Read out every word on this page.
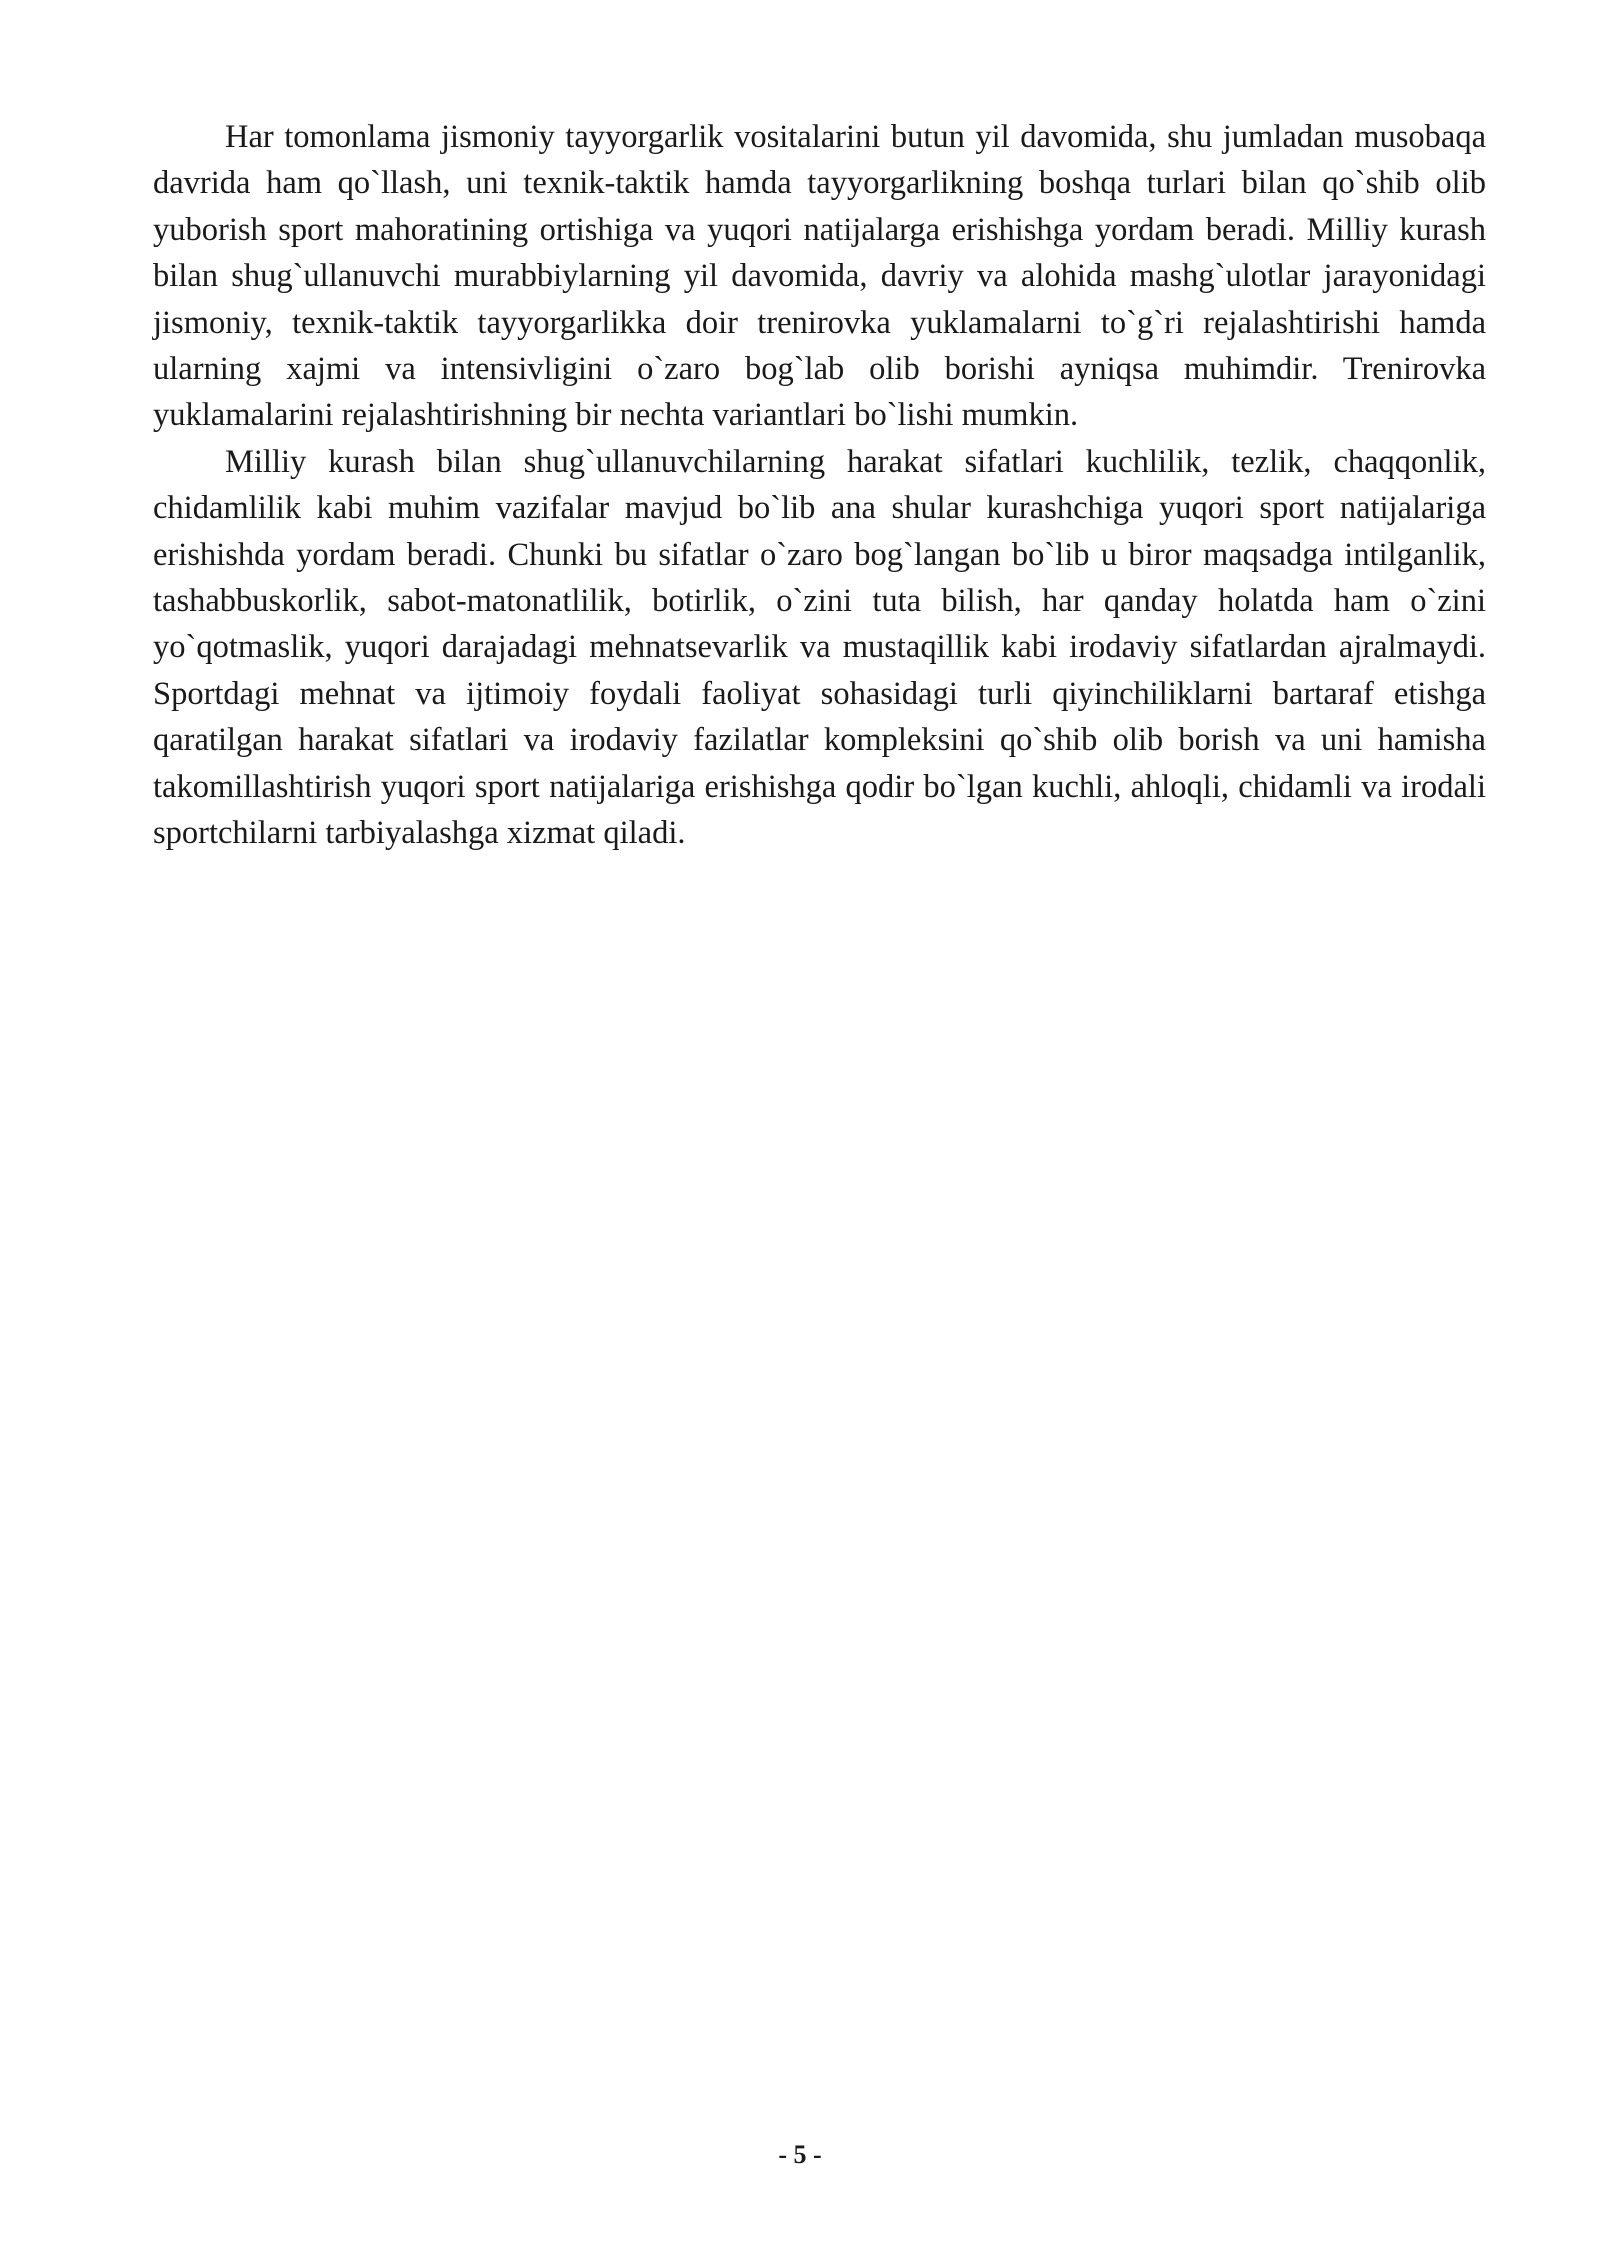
Har tomonlama jismoniy tayyorgarlik vositalarini butun yil davomida, shu jumladan musobaqa davrida ham qo`llash, uni texnik-taktik hamda tayyorgarlikning boshqa turlari bilan qo`shib olib yuborish sport mahoratining ortishiga va yuqori natijalarga erishishga yordam beradi. Milliy kurash bilan shug`ullanuvchi murabbiylarning yil davomida, davriy va alohida mashg`ulotlar jarayonidagi jismoniy, texnik-taktik tayyorgarlikka doir trenirovka yuklamalarni to`g`ri rejalashtirishi hamda ularning xajmi va intensivligini o`zaro bog`lab olib borishi ayniqsa muhimdir. Trenirovka yuklamalarini rejalashtirishning bir nechta variantlari bo`lishi mumkin.

Milliy kurash bilan shug`ullanuvchilarning harakat sifatlari kuchlilik, tezlik, chaqqonlik, chidamlilik kabi muhim vazifalar mavjud bo`lib ana shular kurashchiga yuqori sport natijalariga erishishda yordam beradi. Chunki bu sifatlar o`zaro bog`langan bo`lib u biror maqsadga intilganlik, tashabbuskorlik, sabot-matonatlilik, botirlik, o`zini tuta bilish, har qanday holatda ham o`zini yo`qotmaslik, yuqori darajadagi mehnatsevarlik va mustaqillik kabi irodaviy sifatlardan ajralmaydi. Sportdagi mehnat va ijtimoiy foydali faoliyat sohasidagi turli qiyinchiliklarni bartaraf etishga qaratilgan harakat sifatlari va irodaviy fazilatlar kompleksini qo`shib olib borish va uni hamisha takomillashtirish yuqori sport natijalariga erishishga qodir bo`lgan kuchli, ahloqli, chidamli va irodali sportchilarni tarbiyalashga xizmat qiladi.

- 5 -
